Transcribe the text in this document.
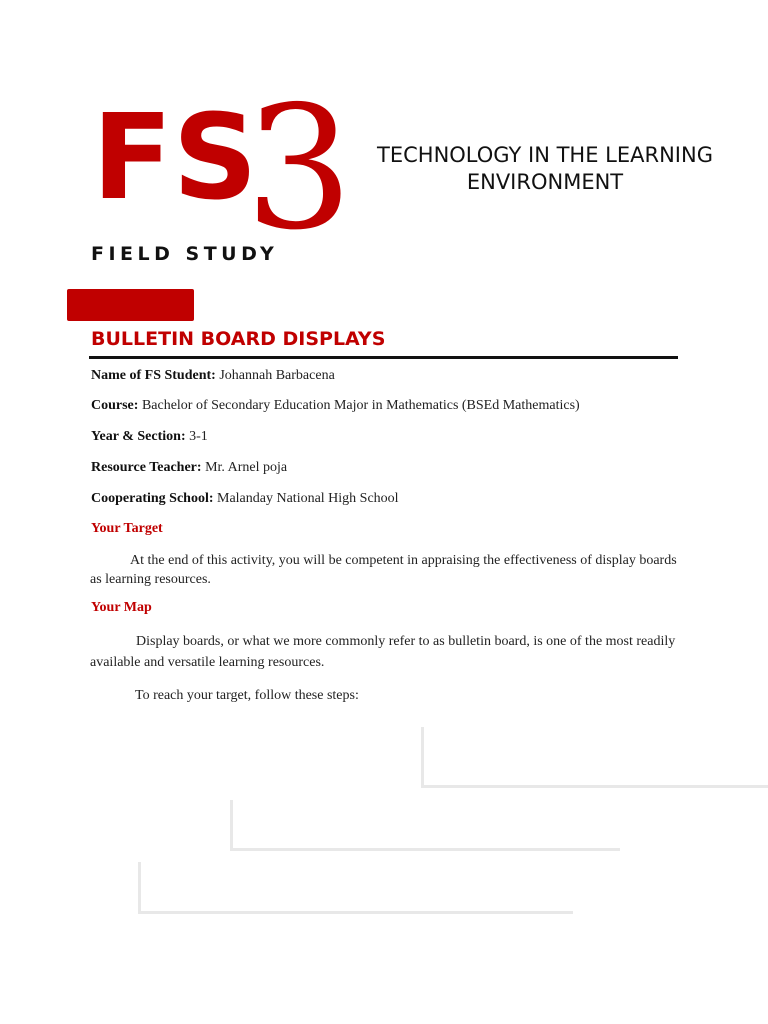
FS
3
FIELD STUDY
TECHNOLOGY IN THE LEARNING
ENVIRONMENT
BULLETIN BOARD DISPLAYS
Name of FS Student: Johannah Barbacena
Course: Bachelor of Secondary Education Major in Mathematics (BSEd Mathematics)
Year & Section: 3-1
Resource Teacher: Mr. Arnel poja
Cooperating School: Malanday National High School
Your Target
At the end of this activity, you will be competent in appraising the effectiveness of display boards as learning resources.
Your Map
Display boards, or what we more commonly refer to as bulletin board, is one of the most readily available and versatile learning resources.
To reach your target, follow these steps:
